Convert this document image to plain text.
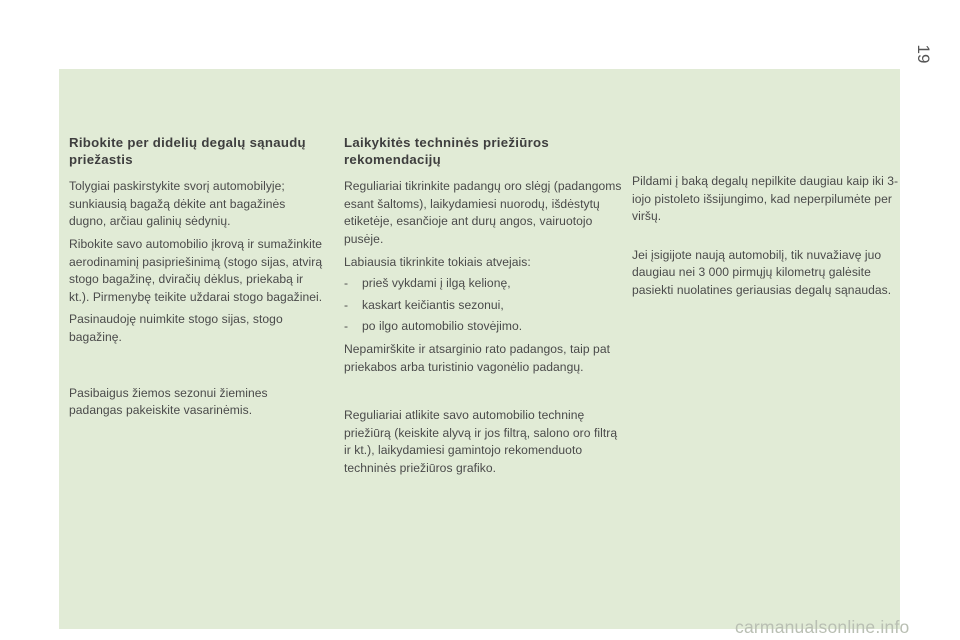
19
Ribokite per didelių degalų sąnaudų priežastis

Tolygiai paskirstykite svorį automobilyje; sunkiausią bagažą dėkite ant bagažinės dugno, arčiau galinių sėdynių.

Ribokite savo automobilio įkrovą ir sumažinkite aerodinaminį pasipriešinimą (stogo sijas, atvirą stogo bagažinę, dviračių dėklus, priekabą ir kt.). Pirmenybę teikite uždarai stogo bagažinei.

Pasinaudoję nuimkite stogo sijas, stogo bagažinę.

Pasibaigus žiemos sezonui žiemines padangas pakeiskite vasarinėmis.

Laikykitės techninės priežiūros rekomendacijų

Reguliariai tikrinkite padangų oro slėgį (padangoms esant šaltoms), laikydamiesi nuorodų, išdėstytų etiketėje, esančioje ant durų angos, vairuotojo pusėje.

Labiausia tikrinkite tokiais atvejais:

- prieš vykdami į ilgą kelionę,

- kaskart keičiantis sezonui,

- po ilgo automobilio stovėjimo.

Nepamirškite ir atsarginio rato padangos, taip pat priekabos arba turistinio vagonėlio padangų.

Reguliariai atlikite savo automobilio techninę priežiūrą (keiskite alyvą ir jos filtrą, salono oro filtrą ir kt.), laikydamiesi gamintojo rekomenduoto techninės priežiūros grafiko.

Pildami į baką degalų nepilkite daugiau kaip iki 3-iojo pistoleto išsijungimo, kad neperpilumėte per viršų.

Jei įsigijote naują automobilį, tik nuvažiavę juo daugiau nei 3 000 pirmųjų kilometrų galėsite pasiekti nuolatines geriausias degalų sąnaudas.

carmanualsonline.info
